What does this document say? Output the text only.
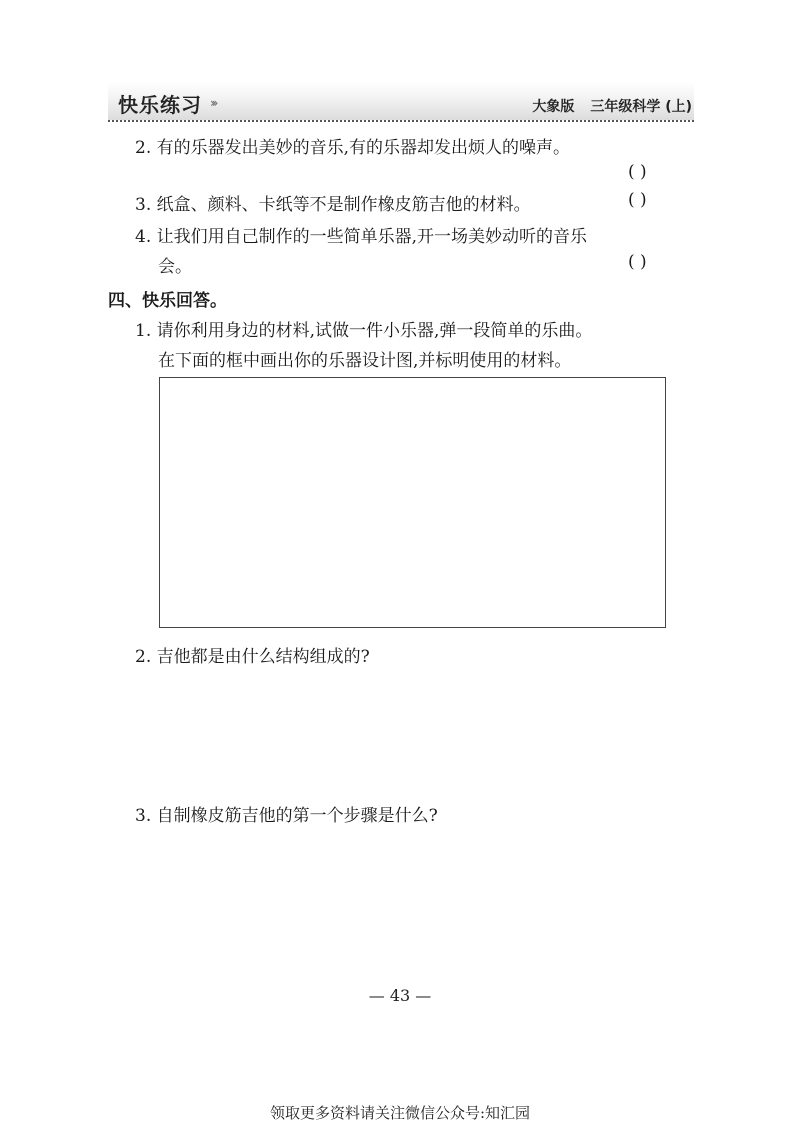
快乐练习 ›››	大象版 三年级科学 (上)
2. 有的乐器发出美妙的音乐,有的乐器却发出烦人的噪声。
( )
3. 纸盒、颜料、卡纸等不是制作橡皮筋吉他的材料。	( )
4. 让我们用自己制作的一些简单乐器,开一场美妙动听的音乐
会。	( )
四、快乐回答。
1. 请你利用身边的材料,试做一件小乐器,弹一段简单的乐曲。
在下面的框中画出你的乐器设计图,并标明使用的材料。
2. 吉他都是由什么结构组成的?
3. 自制橡皮筋吉他的第一个步骤是什么?
— 43 —
领取更多资料请关注微信公众号:知汇园
